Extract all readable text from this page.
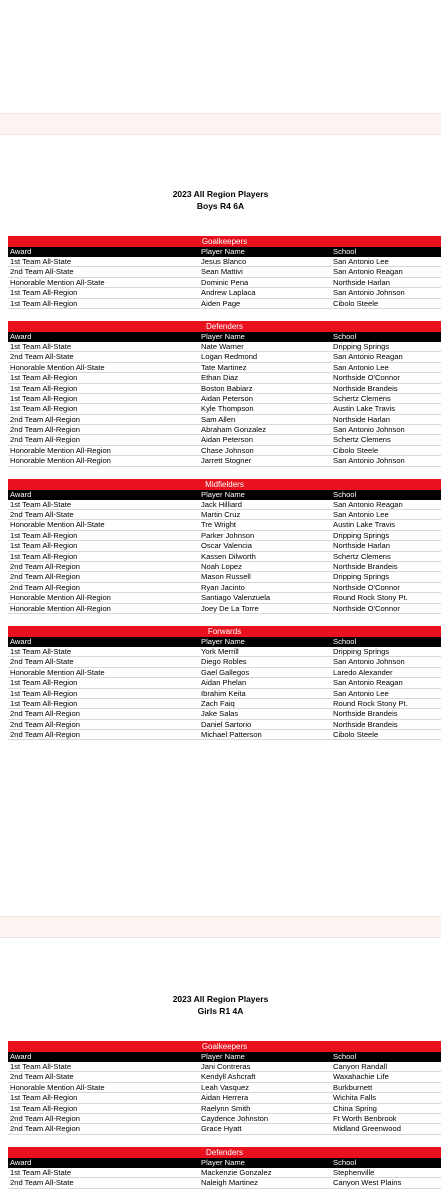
2023 All Region Players
Boys R4 6A
Goalkeepers
Award	Player Name	School
1st Team All-State	Jesus Blanco	San Antonio Lee
2nd Team All-State	Sean Mattivi	San Antonio Reagan
Honorable Mention All-State	Dominic Pena	Northside Harlan
1st Team All-Region	Andrew Laplaca	San Antonio Johnson
1st Team All-Region	Aiden Page	Cibolo Steele
Defenders
Award	Player Name	School
1st Team All-State	Nate Warner	Dripping Springs
2nd Team All-State	Logan Redmond	San Antonio Reagan
Honorable Mention All-State	Tate Martinez	San Antonio Lee
1st Team All-Region	Ethan Diaz	Northside O'Connor
1st Team All-Region	Boston Babiarz	Northside Brandeis
1st Team All-Region	Aidan Peterson	Schertz Clemens
1st Team All-Region	Kyle Thompson	Austin Lake Travis
2nd Team All-Region	Sam Allen	Northside Harlan
2nd Team All-Region	Abraham Gonzalez	San Antonio Johnson
2nd Team All-Region	Aidan Peterson	Schertz Clemens
Honorable Mention All-Region	Chase Johnson	Cibolo Steele
Honorable Mention All-Region	Jarrett Stogner	San Antonio Johnson
Midfielders
Award	Player Name	School
1st Team All-State	Jack Hilliard	San Antonio Reagan
2nd Team All-State	Martin Cruz	San Antonio Lee
Honorable Mention All-State	Tre Wright	Austin Lake Travis
1st Team All-Region	Parker Johnson	Dripping Springs
1st Team All-Region	Oscar Valencia	Northside Harlan
1st Team All-Region	Kassen Dilworth	Schertz Clemens
2nd Team All-Region	Noah Lopez	Northside Brandeis
2nd Team All-Region	Mason Russell	Dripping Springs
2nd Team All-Region	Ryan Jacinto	Northside O'Connor
Honorable Mention All-Region	Santiago Valenzuela	Round Rock Stony Pt.
Honorable Mention All-Region	Joey De La Torre	Northside O'Connor
Forwards
Award	Player Name	School
1st Team All-State	York Merrill	Dripping Springs
2nd Team All-State	Diego Robles	San Antonio Johnson
Honorable Mention All-State	Gael Gallegos	Laredo Alexander
1st Team All-Region	Aidan Phelan	San Antonio Reagan
1st Team All-Region	Ibrahim Keita	San Antonio Lee
1st Team All-Region	Zach Faiq	Round Rock Stony Pt.
2nd Team All-Region	Jake Salas	Northside Brandeis
2nd Team All-Region	Daniel Sartorio	Northside Brandeis
2nd Team All-Region	Michael Patterson	Cibolo Steele
2023 All Region Players
Girls R1 4A
Goalkeepers
Award	Player Name	School
1st Team All-State	Jani Contreras	Canyon Randall
2nd Team All-State	Kendyll Ashcraft	Waxahachie Life
Honorable Mention All-State	Leah Vasquez	Burkburnett
1st Team All-Region	Aidan Herrera	Wichita Falls
1st Team All-Region	Raelynn Smith	China Spring
2nd Team All-Region	Caydence Johnston	Ft Worth Benbrook
2nd Team All-Region	Grace Hyatt	Midland Greenwood
Defenders
Award	Player Name	School
1st Team All-State	Mackenzie Gonzalez	Stephenville
2nd Team All-State	Naleigh Martinez	Canyon West Plains
